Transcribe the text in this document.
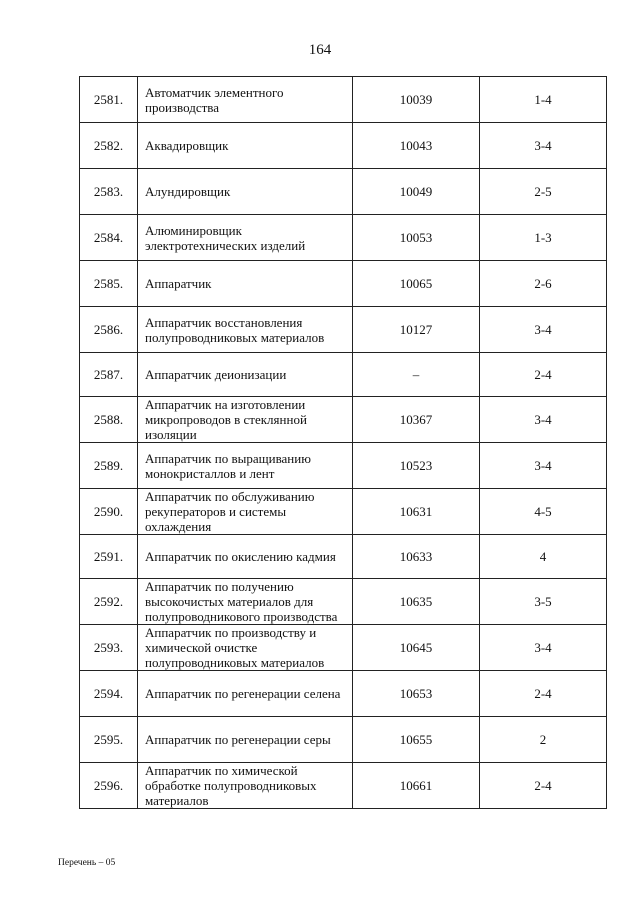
164
2581.	Автоматчик элементного производства	10039	1-4
2582.	Аквадировщик	10043	3-4
2583.	Алундировщик	10049	2-5
2584.	Алюминировщик электротехнических изделий	10053	1-3
2585.	Аппаратчик	10065	2-6
2586.	Аппаратчик восстановления полупроводниковых материалов	10127	3-4
2587.	Аппаратчик деионизации	–	2-4
2588.	Аппаратчик на изготовлении микропроводов в стеклянной изоляции	10367	3-4
2589.	Аппаратчик по выращиванию монокристаллов и лент	10523	3-4
2590.	Аппаратчик по обслуживанию рекуператоров и системы охлаждения	10631	4-5
2591.	Аппаратчик по окислению кадмия	10633	4
2592.	Аппаратчик по получению высокочистых материалов для полупроводникового производства	10635	3-5
2593.	Аппаратчик по производству и химической очистке полупроводниковых материалов	10645	3-4
2594.	Аппаратчик по регенерации селена	10653	2-4
2595.	Аппаратчик по регенерации серы	10655	2
2596.	Аппаратчик по химической обработке полупроводниковых материалов	10661	2-4
Перечень – 05
